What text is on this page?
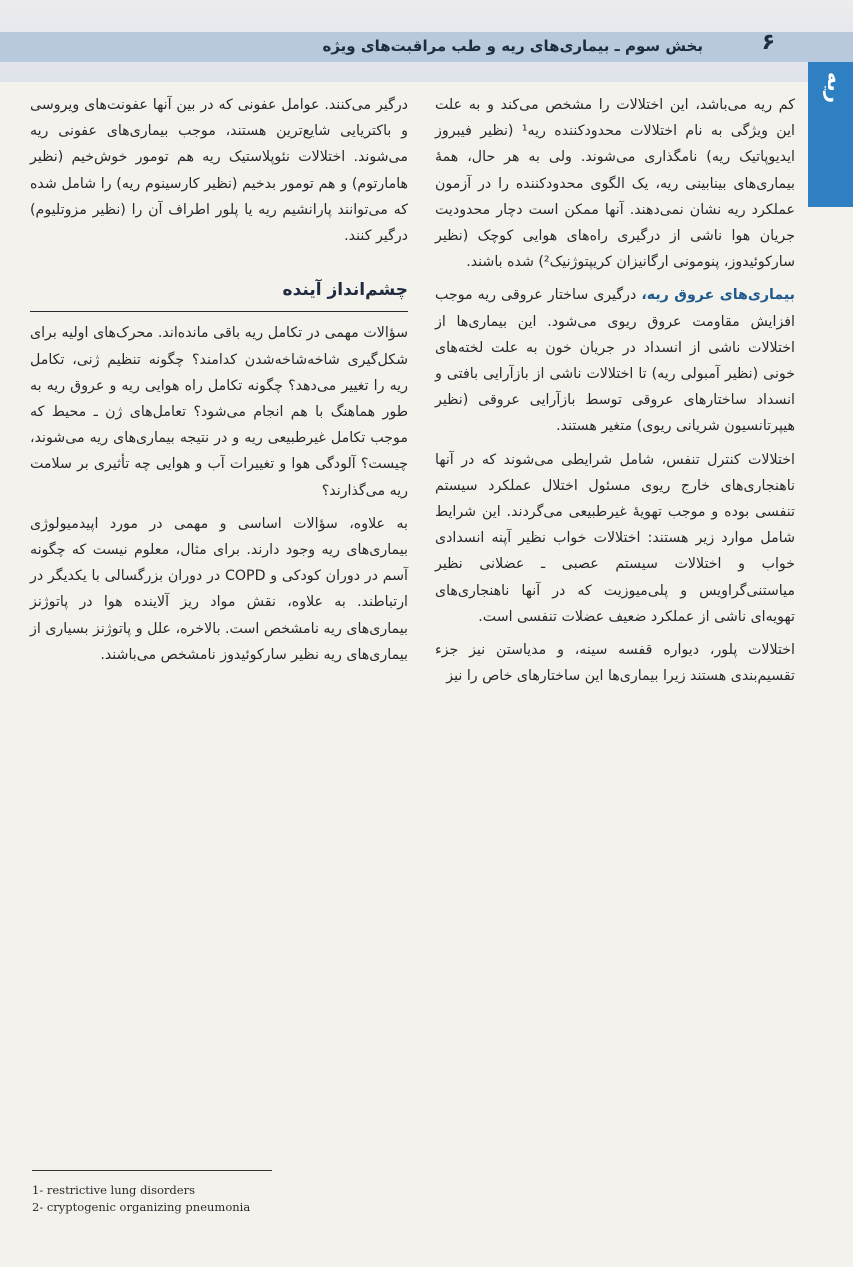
بخش سوم ـ بیماری‌های ریه و طب مراقبت‌های ویژه	۶
ریه

کم ریه می‌باشد، این اختلالات را مشخص می‌کند و به علت این ویژگی به نام اختلالات محدودکننده ریه¹ (نظیر فیبروز ایدیوپاتیک ریه) نامگذاری می‌شوند. ولی به هر حال، همهٔ بیماری‌های بینابینی ریه، یک الگوی محدودکننده را در آزمون عملکرد ریه نشان نمی‌دهند. آنها ممکن است دچار محدودیت جریان هوا ناشی از درگیری راه‌های هوایی کوچک (نظیر سارکوئیدوز، پنومونی ارگانیزان کریپتوژنیک²) شده باشند.

بیماری‌های عروق ریه، درگیری ساختار عروقی ریه موجب افزایش مقاومت عروق ریوی می‌شود. این بیماری‌ها از اختلالات ناشی از انسداد در جریان خون به علت لخته‌های خونی (نظیر آمبولی ریه) تا اختلالات ناشی از بازآرایی بافتی و انسداد ساختارهای عروقی توسط بازآرایی عروقی (نظیر هیپرتانسیون شریانی ریوی) متغیر هستند.

اختلالات کنترل تنفس، شامل شرایطی می‌شوند که در آنها ناهنجاری‌های خارج ریوی مسئول اختلال عملکرد سیستم تنفسی بوده و موجب تهویهٔ غیرطبیعی می‌گردند. این شرایط شامل موارد زیر هستند: اختلالات خواب نظیر آپنه انسدادی خواب و اختلالات سیستم عصبی ـ عضلانی نظیر میاستنی‌گراویس و پلی‌میوزیت که در آنها ناهنجاری‌های تهویه‌ای ناشی از عملکرد ضعیف عضلات تنفسی است.

اختلالات پلور، دیواره قفسه سینه، و مدیاستن نیز جزء تقسیم‌بندی هستند زیرا بیماری‌ها این ساختارهای خاص را نیز

درگیر می‌کنند. عوامل عفونی که در بین آنها عفونت‌های ویروسی و باکتریایی شایع‌ترین هستند، موجب بیماری‌های عفونی ریه می‌شوند. اختلالات نئوپلاستیک ریه هم تومور خوش‌خیم (نظیر هامارتوم) و هم تومور بدخیم (نظیر کارسینوم ریه) را شامل شده که می‌توانند پارانشیم ریه یا پلور اطراف آن را (نظیر مزوتلیوم) درگیر کنند.

چشم‌انداز آینده

سؤالات مهمی در تکامل ریه باقی مانده‌اند. محرک‌های اولیه برای شکل‌گیری شاخه‌شاخه‌شدن کدامند؟ چگونه تنظیم ژنی، تکامل ریه را تغییر می‌دهد؟ چگونه تکامل راه هوایی ریه و عروق ریه به طور هماهنگ با هم انجام می‌شود؟ تعامل‌های ژن ـ محیط که موجب تکامل غیرطبیعی ریه و در نتیجه بیماری‌های ریه می‌شوند، چیست؟ آلودگی هوا و تغییرات آب و هوایی چه تأثیری بر سلامت ریه می‌گذارند؟

به علاوه، سؤالات اساسی و مهمی در مورد اپیدمیولوژی بیماری‌های ریه وجود دارند. برای مثال، معلوم نیست که چگونه آسم در دوران کودکی و COPD در دوران بزرگسالی با یکدیگر در ارتباطند. به علاوه، نقش مواد ریز آلاینده هوا در پاتوژنز بیماری‌های ریه نامشخص است. بالاخره، علل و پاتوژنز بسیاری از بیماری‌های ریه نظیر سارکوئیدوز نامشخص می‌باشند.

1- restrictive lung disorders
2- cryptogenic organizing pneumonia
